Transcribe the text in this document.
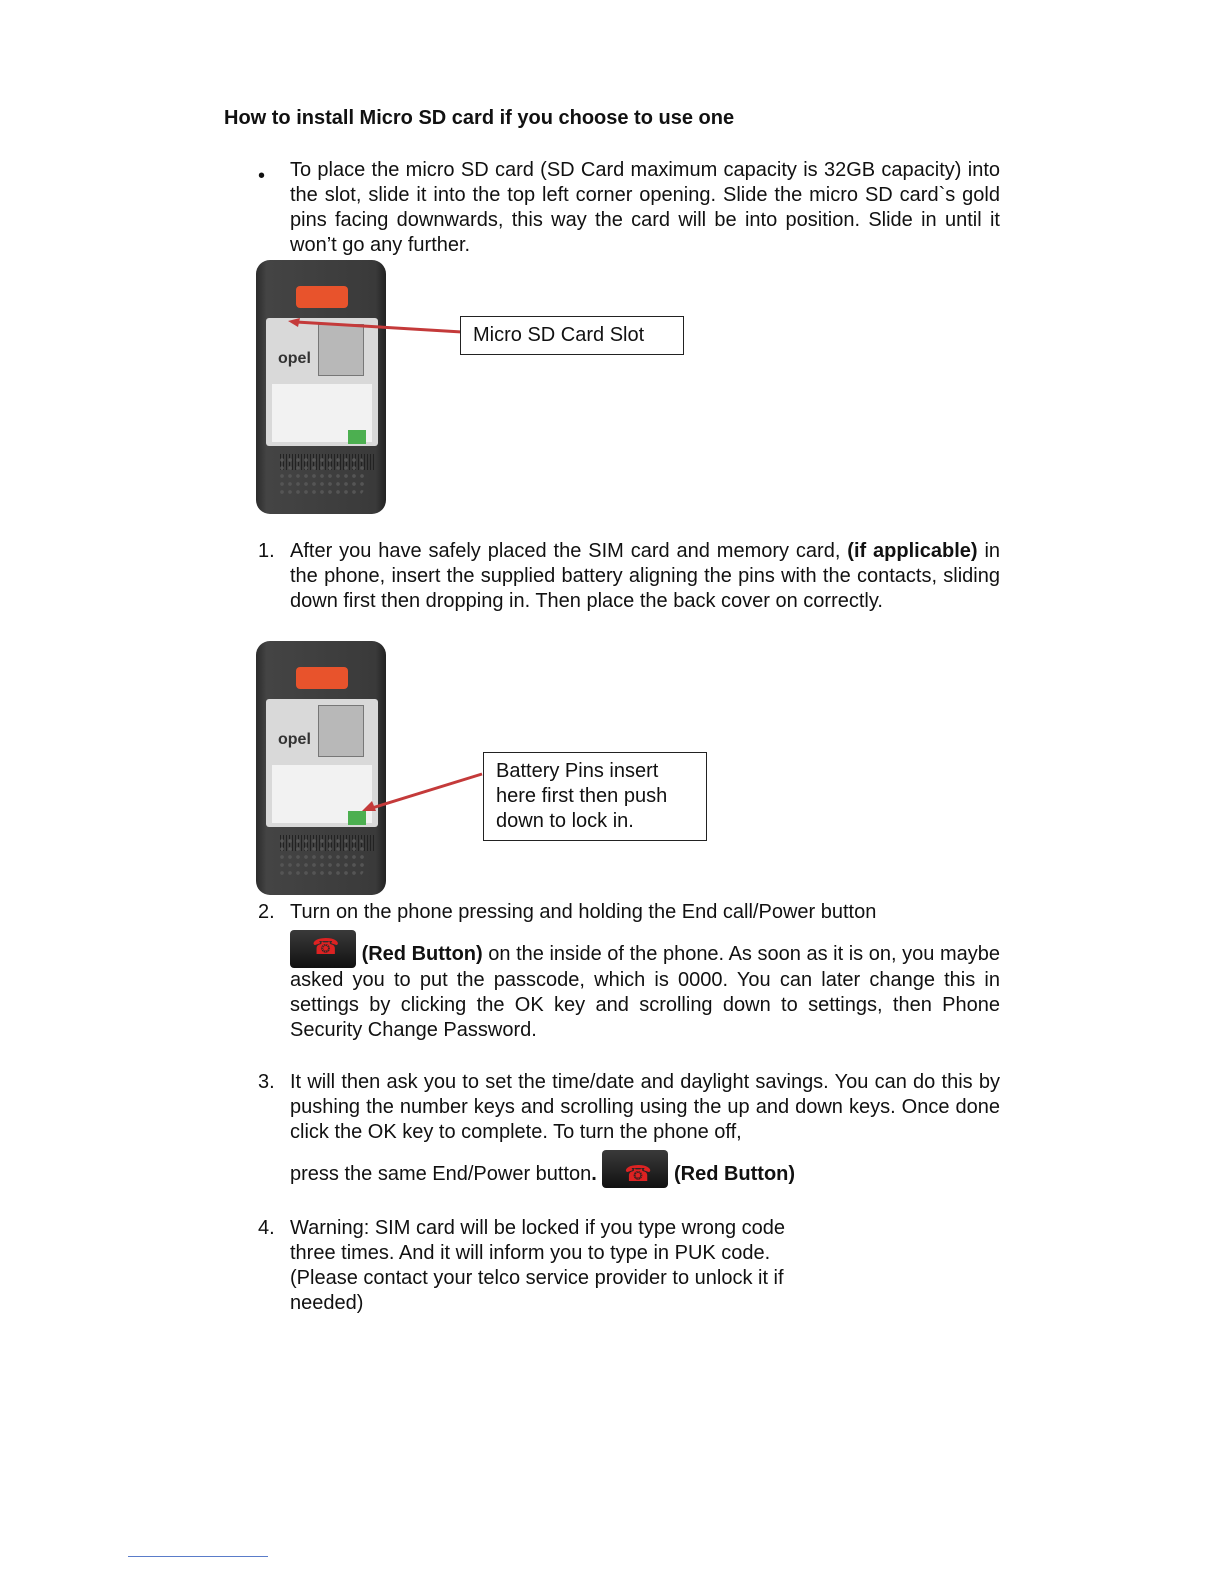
How to install Micro SD card if you choose to use one
• To place the micro SD card (SD Card maximum capacity is 32GB capacity) into the slot, slide it into the top left corner opening. Slide the micro SD card`s gold pins facing downwards, this way the card will be into position. Slide in until it won’t go any further.
opel
Micro SD Card Slot
1. After you have safely placed the SIM card and memory card, (if applicable) in the phone, insert the supplied battery aligning the pins with the contacts, sliding down first then dropping in. Then place the back cover on correctly.
opel
Battery Pins insert here first then push down to lock in.
2. Turn on the phone pressing and holding the End call/Power button
☎ (Red Button) on the inside of the phone. As soon as it is on, you maybe asked you to put the passcode, which is 0000. You can later change this in settings by clicking the OK key and scrolling down to settings, then Phone Security Change Password.
3. It will then ask you to set the time/date and daylight savings. You can do this by pushing the number keys and scrolling using the up and down keys. Once done click the OK key to complete. To turn the phone off,
press the same End/Power button. ☎	(Red Button)
4. Warning: SIM card will be locked if you type wrong code
three times. And it will inform you to type in PUK code.
(Please contact your telco service provider to unlock it if
needed)
